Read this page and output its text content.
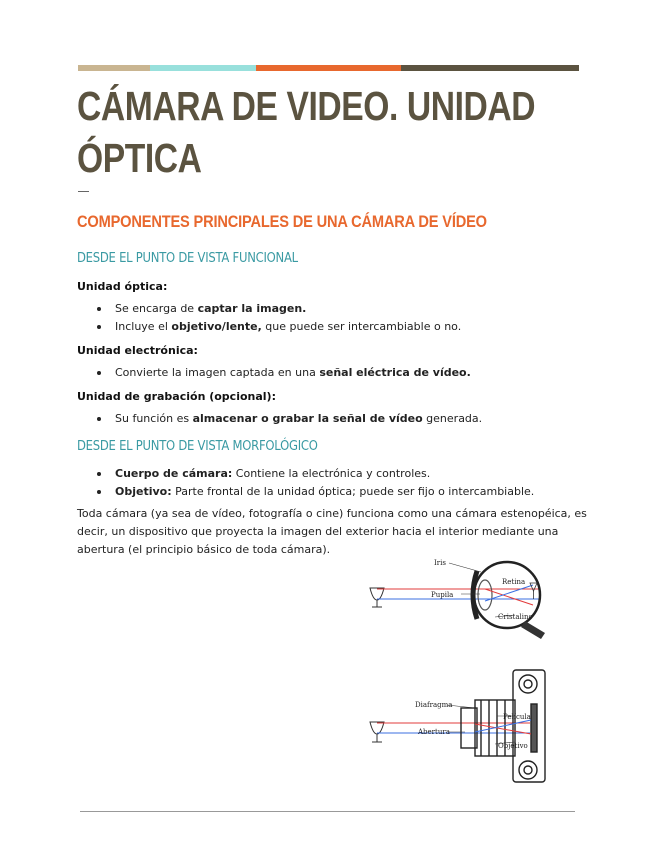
CÁMARA DE VIDEO. UNIDAD
ÓPTICA
COMPONENTES PRINCIPALES DE UNA CÁMARA DE VÍDEO
DESDE EL PUNTO DE VISTA FUNCIONAL
Unidad óptica:
Se encarga de captar la imagen.
Incluye el objetivo/lente, que puede ser intercambiable o no.
Unidad electrónica:
Convierte la imagen captada en una señal eléctrica de vídeo.
Unidad de grabación (opcional):
Su función es almacenar o grabar la señal de vídeo generada.
DESDE EL PUNTO DE VISTA MORFOLÓGICO
Cuerpo de cámara: Contiene la electrónica y controles.
Objetivo: Parte frontal de la unidad óptica; puede ser fijo o intercambiable.
Toda cámara (ya sea de vídeo, fotografía o cine) funciona como una cámara estenopéica, es
decir, un dispositivo que proyecta la imagen del exterior hacia el interior mediante una
abertura (el principio básico de toda cámara).
Iris
Retina
Pupila
Cristalino
Diafragma
Película
Abertura
Objetivo
